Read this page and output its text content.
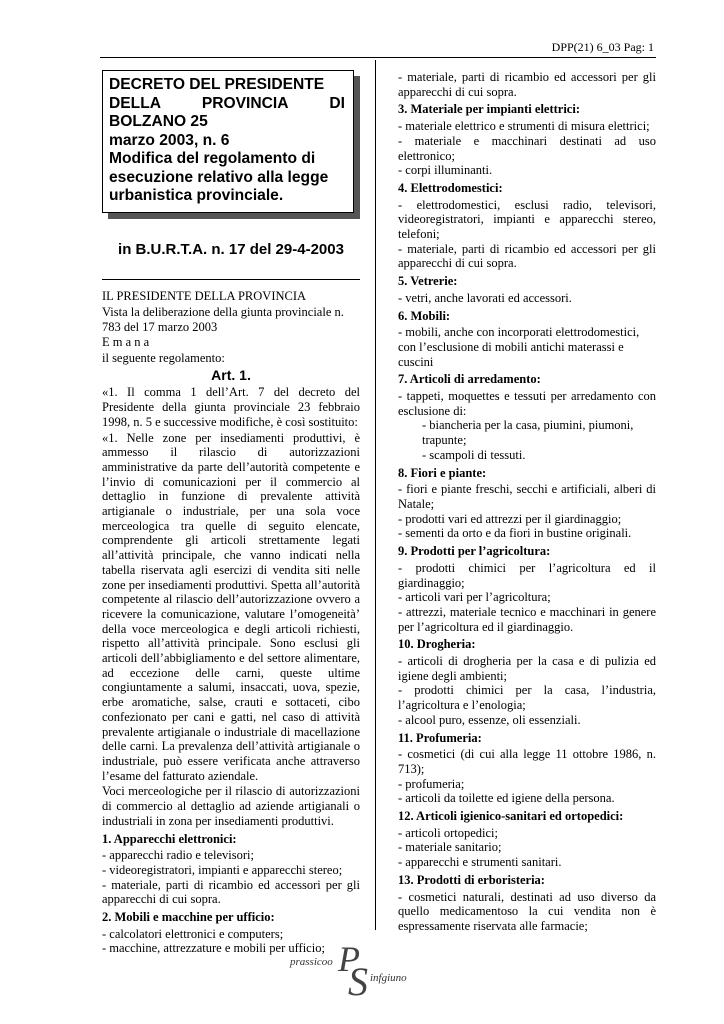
DPP(21) 6_03 Pag: 1

DECRETO DEL PRESIDENTE
DELLA PROVINCIA DI BOLZANO 25
marzo 2003, n. 6
Modifica del regolamento di
esecuzione relativo alla legge
urbanistica provinciale.

in B.U.R.T.A. n. 17 del 29-4-2003

IL PRESIDENTE DELLA PROVINCIA

Vista la deliberazione della giunta provinciale n. 783 del 17 marzo 2003

E m a n a

il seguente regolamento:

Art. 1.

«1. Il comma 1 dell’Art. 7 del decreto del Presidente della giunta provinciale 23 febbraio 1998, n. 5 e successive modifiche, è così sostituito:

«1. Nelle zone per insediamenti produttivi, è ammesso il rilascio di autorizzazioni amministrative da parte dell’autorità competente e l’invio di comunicazioni per il commercio al dettaglio in funzione di prevalente attività artigianale o industriale, per una sola voce merceologica tra quelle di seguito elencate, comprendente gli articoli strettamente legati all’attività principale, che vanno indicati nella tabella riservata agli esercizi di vendita siti nelle zone per insediamenti produttivi. Spetta all’autorità competente al rilascio dell’autorizzazione ovvero a ricevere la comunicazione, valutare l’omogeneità’ della voce merceologica e degli articoli richiesti, rispetto all’attività principale. Sono esclusi gli articoli dell’abbigliamento e del settore alimentare, ad eccezione delle carni, queste ultime congiuntamente a salumi, insaccati, uova, spezie, erbe aromatiche, salse, crauti e sottaceti, cibo confezionato per cani e gatti, nel caso di attività prevalente artigianale o industriale di macellazione delle carni. La prevalenza dell’attività artigianale o industriale, può essere verificata anche attraverso l’esame del fatturato aziendale.

Voci merceologiche per il rilascio di autorizzazioni di commercio al dettaglio ad aziende artigianali o industriali in zona per insediamenti produttivi.

1. Apparecchi elettronici:
- apparecchi radio e televisori;
- videoregistratori, impianti e apparecchi stereo;
- materiale, parti di ricambio ed accessori per gli apparecchi di cui sopra.
2. Mobili e macchine per ufficio:
- calcolatori elettronici e computers;
- macchine, attrezzature e mobili per ufficio;
- materiale, parti di ricambio ed accessori per gli apparecchi di cui sopra.
3. Materiale per impianti elettrici:
- materiale elettrico e strumenti di misura elettrici;
- materiale e macchinari destinati ad uso elettronico;
- corpi illuminanti.
4. Elettrodomestici:
- elettrodomestici, esclusi radio, televisori, videoregistratori, impianti e apparecchi stereo, telefoni;
- materiale, parti di ricambio ed accessori per gli apparecchi di cui sopra.
5. Vetrerie:
- vetri, anche lavorati ed accessori.
6. Mobili:
- mobili, anche con incorporati elettrodomestici, con l’esclusione di mobili antichi materassi e cuscini
7. Articoli di arredamento:
- tappeti, moquettes e tessuti per arredamento con esclusione di:
- biancheria per la casa, piumini, piumoni, trapunte;
- scampoli di tessuti.
8. Fiori e piante:
- fiori e piante freschi, secchi e artificiali, alberi di Natale;
- prodotti vari ed attrezzi per il giardinaggio;
- sementi da orto e da fiori in bustine originali.
9. Prodotti per l’agricoltura:
- prodotti chimici per l’agricoltura ed il giardinaggio;
- articoli vari per l’agricoltura;
- attrezzi, materiale tecnico e macchinari in genere per l’agricoltura ed il giardinaggio.
10. Drogheria:
- articoli di drogheria per la casa e di pulizia ed igiene degli ambienti;
- prodotti chimici per la casa, l’industria, l’agricoltura e l’enologia;
- alcool puro, essenze, oli essenziali.
11. Profumeria:
- cosmetici (di cui alla legge 11 ottobre 1986, n. 713);
- profumeria;
- articoli da toilette ed igiene della persona.
12. Articoli igienico-sanitari ed ortopedici:
- articoli ortopedici;
- materiale sanitario;
- apparecchi e strumenti sanitari.
13. Prodotti di erboristeria:
- cosmetici naturali, destinati ad uso diverso da quello medicamentoso la cui vendita non è espressamente riservata alle farmacie;
prassicoo P
S infgiuno
